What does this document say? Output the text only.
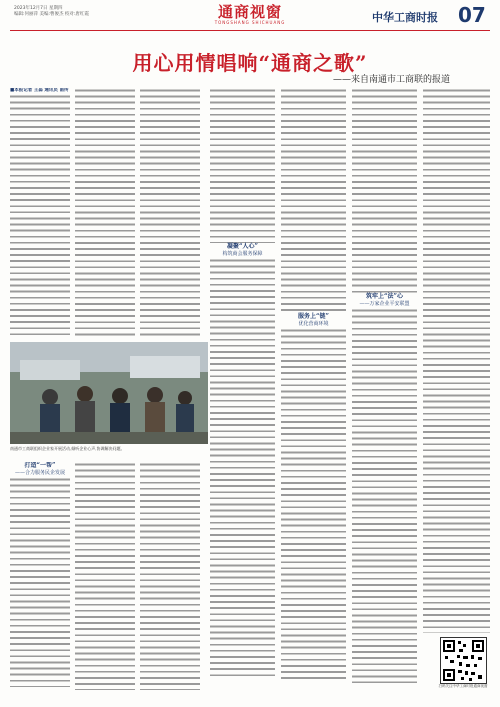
2023年12月7日 星期四
编辑:何丽萍 美编:曹俊杰 校对:唐红霞	通商视窗
TONGSHANG SHICHUANG	中华工商时报 07
用心用情唱响“通商之歌”
——来自南通市工商联的报道
■本报记者 王淼 通讯员 南传
凝聚“人心”
构筑商会服务保障
服务上“链”
优化营商环境
筑牢上“法”心
——万家企业平安联盟
南通市工商联组织企业家开展活动,倾听企业心声,协调解决问题。
打造“一帮”
——合力服务民企发展
扫码关注中华工商时报通商视窗
